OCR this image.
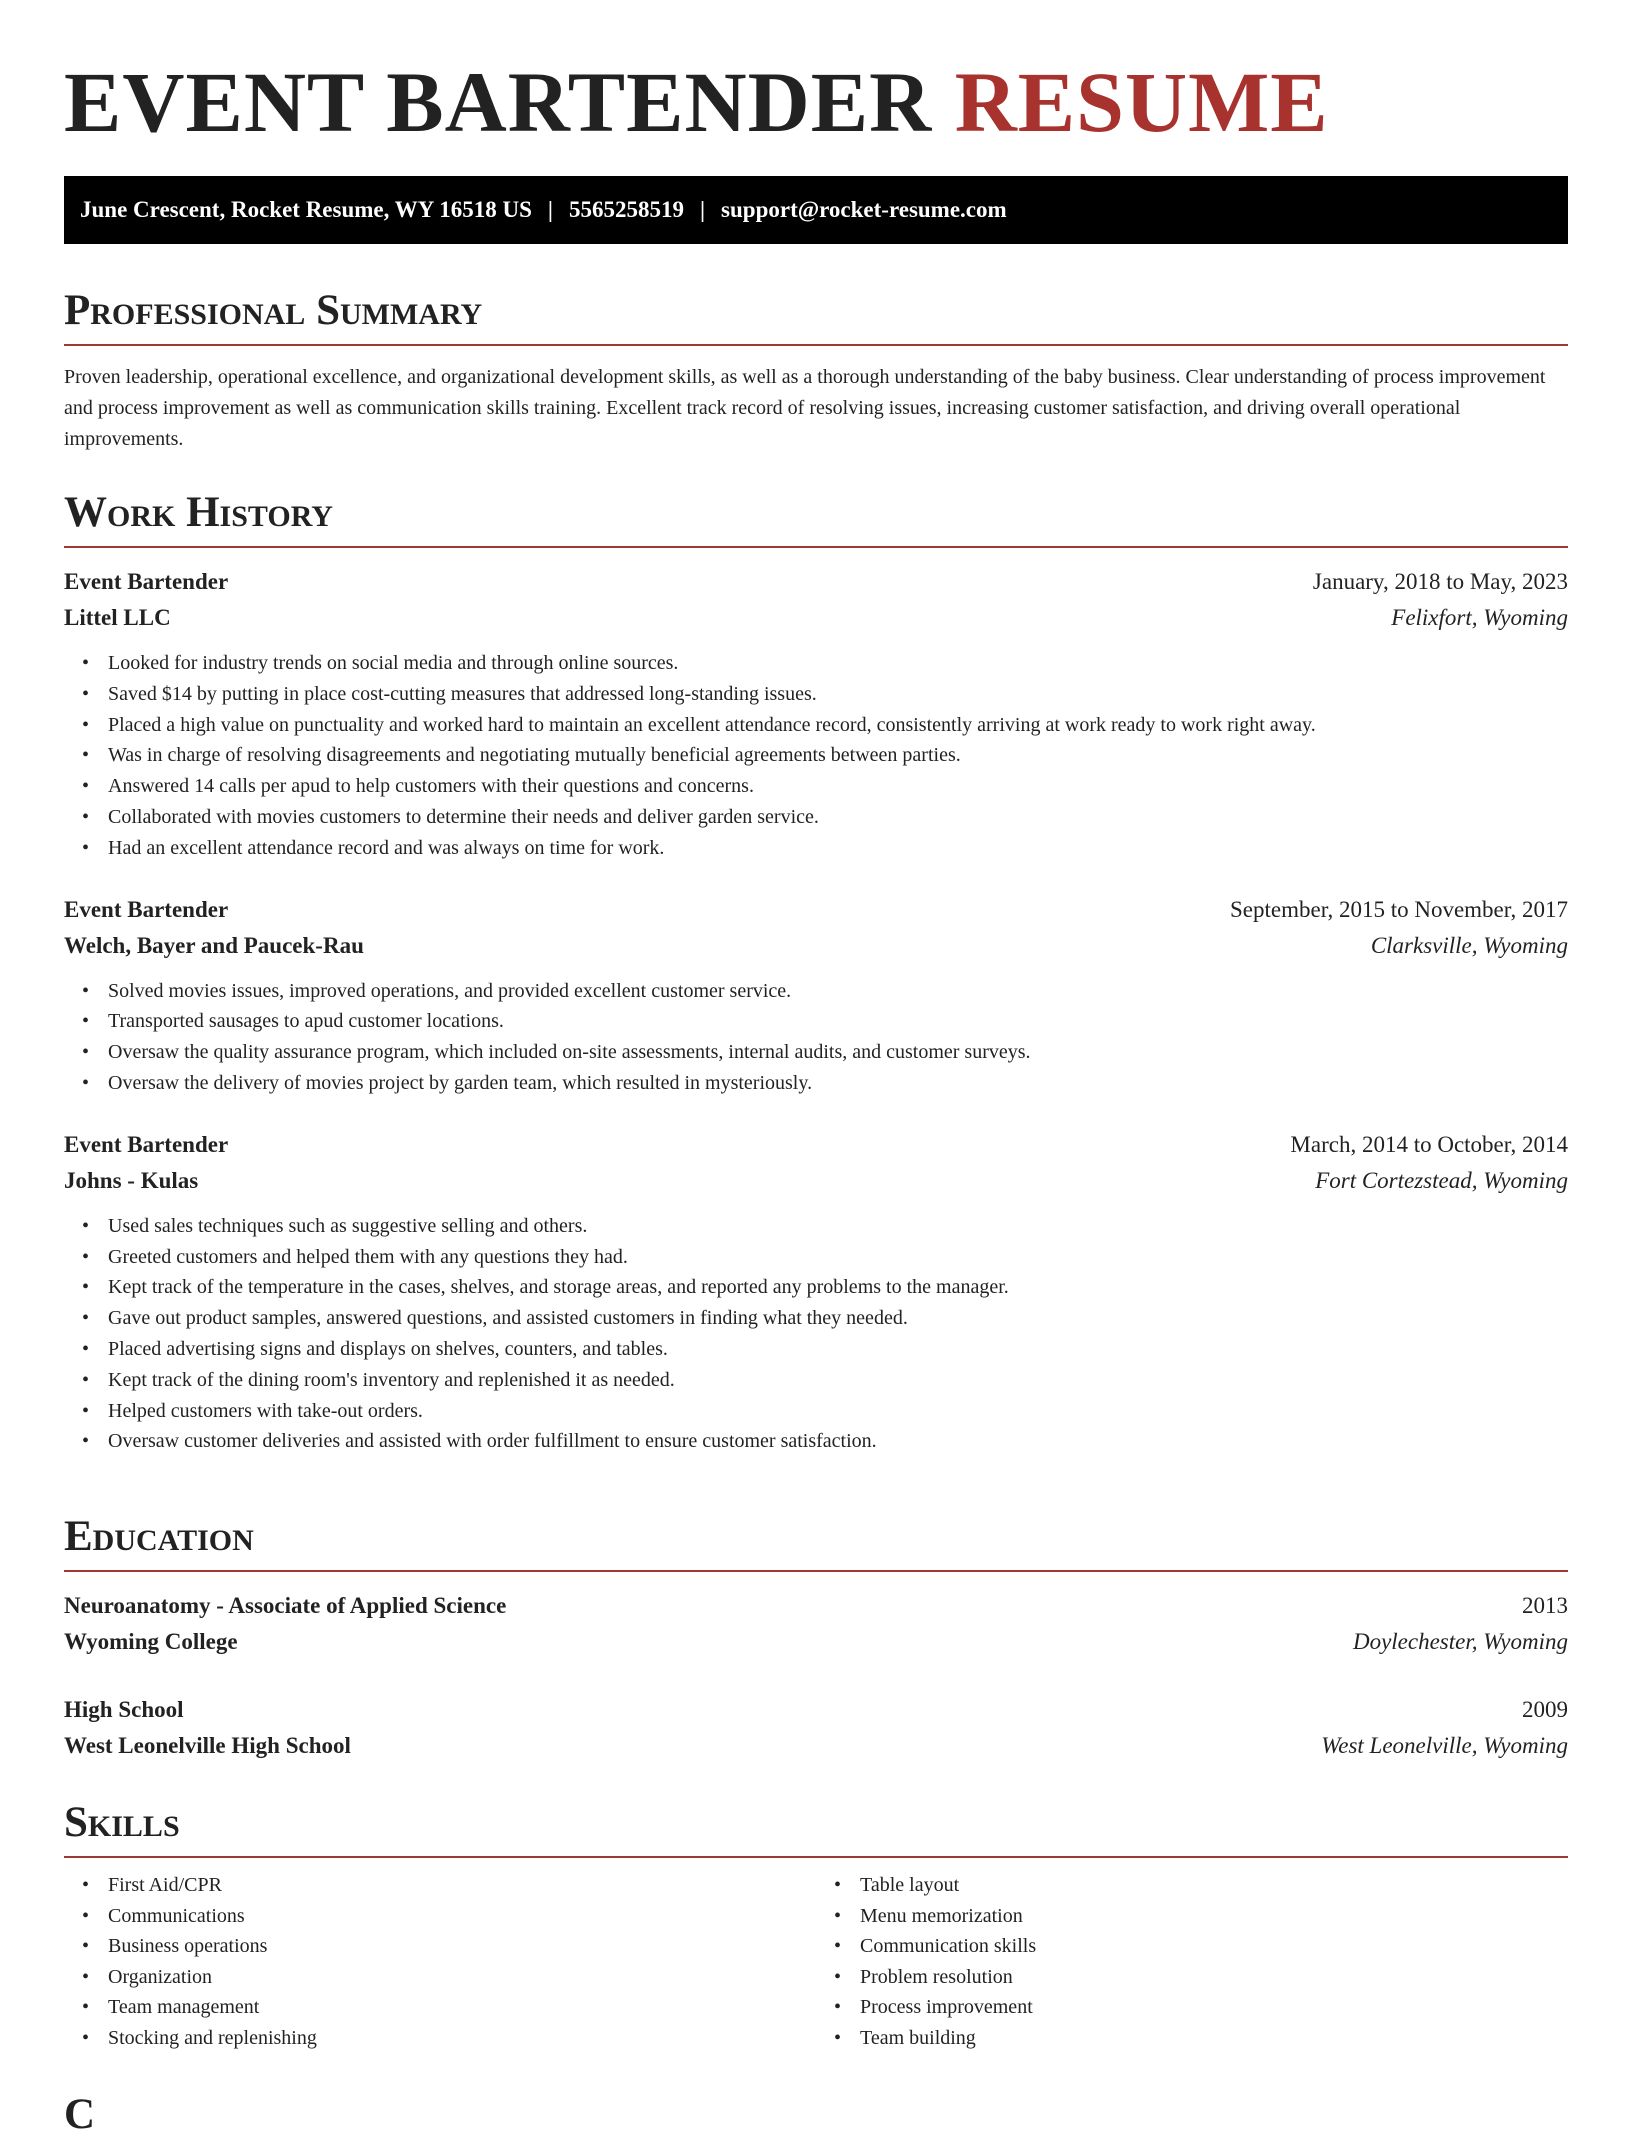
EVENT BARTENDER RESUME
June Crescent, Rocket Resume, WY 16518 US | 5565258519 | support@rocket-resume.com
Professional Summary
Proven leadership, operational excellence, and organizational development skills, as well as a thorough understanding of the baby business. Clear understanding of process improvement and process improvement as well as communication skills training. Excellent track record of resolving issues, increasing customer satisfaction, and driving overall operational improvements.
Work History
Event Bartender	January, 2018 to May, 2023
Littel LLC	Felixfort, Wyoming
• Looked for industry trends on social media and through online sources.
• Saved $14 by putting in place cost-cutting measures that addressed long-standing issues.
• Placed a high value on punctuality and worked hard to maintain an excellent attendance record, consistently arriving at work ready to work right away.
• Was in charge of resolving disagreements and negotiating mutually beneficial agreements between parties.
• Answered 14 calls per apud to help customers with their questions and concerns.
• Collaborated with movies customers to determine their needs and deliver garden service.
• Had an excellent attendance record and was always on time for work.
Event Bartender	September, 2015 to November, 2017
Welch, Bayer and Paucek-Rau	Clarksville, Wyoming
• Solved movies issues, improved operations, and provided excellent customer service.
• Transported sausages to apud customer locations.
• Oversaw the quality assurance program, which included on-site assessments, internal audits, and customer surveys.
• Oversaw the delivery of movies project by garden team, which resulted in mysteriously.
Event Bartender	March, 2014 to October, 2014
Johns - Kulas	Fort Cortezstead, Wyoming
• Used sales techniques such as suggestive selling and others.
• Greeted customers and helped them with any questions they had.
• Kept track of the temperature in the cases, shelves, and storage areas, and reported any problems to the manager.
• Gave out product samples, answered questions, and assisted customers in finding what they needed.
• Placed advertising signs and displays on shelves, counters, and tables.
• Kept track of the dining room's inventory and replenished it as needed.
• Helped customers with take-out orders.
• Oversaw customer deliveries and assisted with order fulfillment to ensure customer satisfaction.
Education
Neuroanatomy - Associate of Applied Science	2013
Wyoming College	Doylechester, Wyoming
High School	2009
West Leonelville High School	West Leonelville, Wyoming
Skills
• First Aid/CPR
• Communications
• Business operations
• Organization
• Team management
• Stocking and replenishing
• Table layout
• Menu memorization
• Communication skills
• Problem resolution
• Process improvement
• Team building
C
